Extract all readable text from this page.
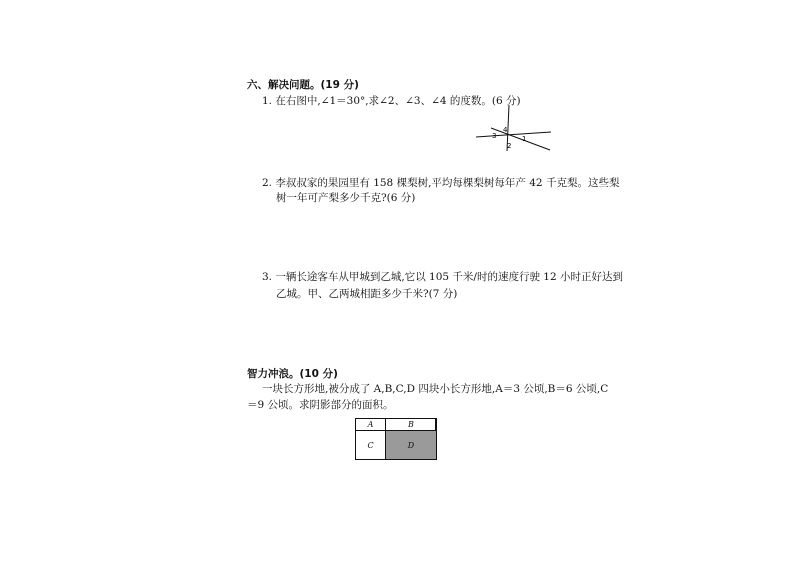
六、解决问题。(19 分)
1. 在右图中,∠1＝30°,求∠2、∠3、∠4 的度数。(6 分)
3
4
1
2
2. 李叔叔家的果园里有 158 棵梨树,平均每棵梨树每年产 42 千克梨。这些梨
树一年可产梨多少千克?(6 分)
3. 一辆长途客车从甲城到乙城,它以 105 千米/时的速度行驶 12 小时正好达到
乙城。甲、乙两城相距多少千米?(7 分)
智力冲浪。(10 分)
一块长方形地,被分成了 A,B,C,D 四块小长方形地,A＝3 公顷,B＝6 公顷,C
＝9 公顷。求阴影部分的面积。
A	B
C	D
